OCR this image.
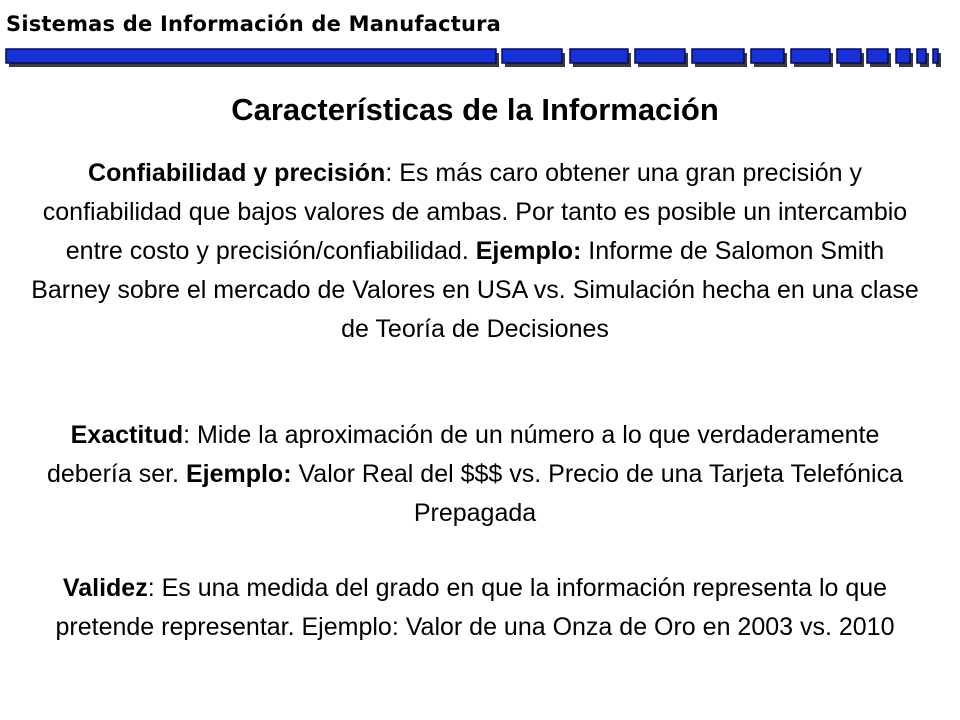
Sistemas de Información de Manufactura
Características de la Información

Confiabilidad y precisión: Es más caro obtener una gran precisión y confiabilidad que bajos valores de ambas. Por tanto es posible un intercambio entre costo y precisión/confiabilidad. Ejemplo: Informe de Salomon Smith Barney sobre el mercado de Valores en USA vs. Simulación hecha en una clase de Teoría de Decisiones

Exactitud: Mide la aproximación de un número a lo que verdaderamente debería ser. Ejemplo: Valor Real del $$$ vs. Precio de una Tarjeta Telefónica Prepagada

Validez: Es una medida del grado en que la información representa lo que pretende representar. Ejemplo: Valor de una Onza de Oro en 2003 vs. 2010
